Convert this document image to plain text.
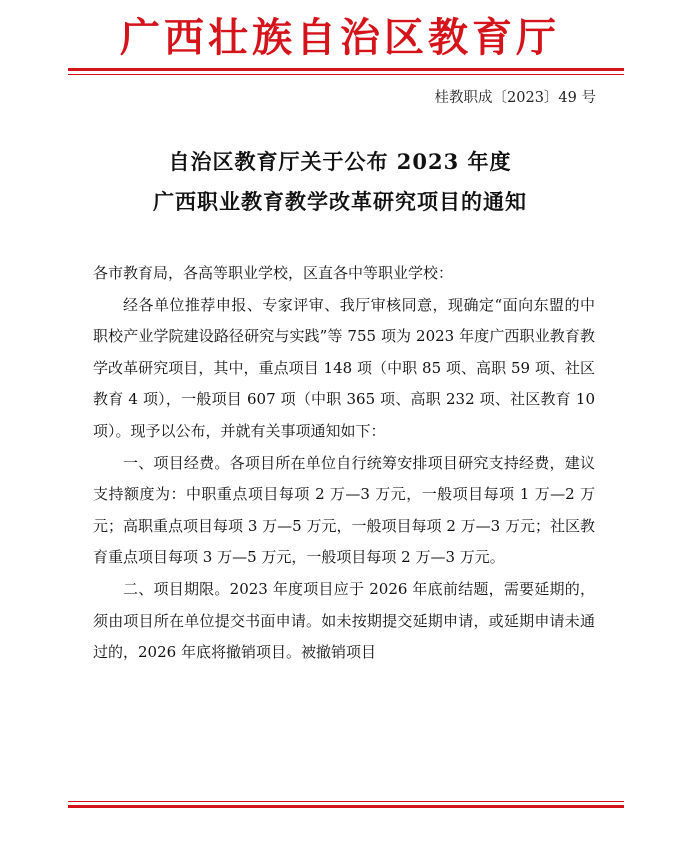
广西壮族自治区教育厅
桂教职成〔2023〕49 号
自治区教育厅关于公布 2023 年度
广西职业教育教学改革研究项目的通知

各市教育局，各高等职业学校，区直各中等职业学校：

经各单位推荐申报、专家评审、我厅审核同意，现确定“面向东盟的中职校产业学院建设路径研究与实践”等 755 项为 2023 年度广西职业教育教学改革研究项目，其中，重点项目 148 项（中职 85 项、高职 59 项、社区教育 4 项），一般项目 607 项（中职 365 项、高职 232 项、社区教育 10 项）。现予以公布，并就有关事项通知如下：

一、项目经费。各项目所在单位自行统筹安排项目研究支持经费，建议支持额度为：中职重点项目每项 2 万—3 万元，一般项目每项 1 万—2 万元；高职重点项目每项 3 万—5 万元，一般项目每项 2 万—3 万元；社区教育重点项目每项 3 万—5 万元，一般项目每项 2 万—3 万元。

二、项目期限。2023 年度项目应于 2026 年底前结题，需要延期的，须由项目所在单位提交书面申请。如未按期提交延期申请，或延期申请未通过的，2026 年底将撤销项目。被撤销项目
